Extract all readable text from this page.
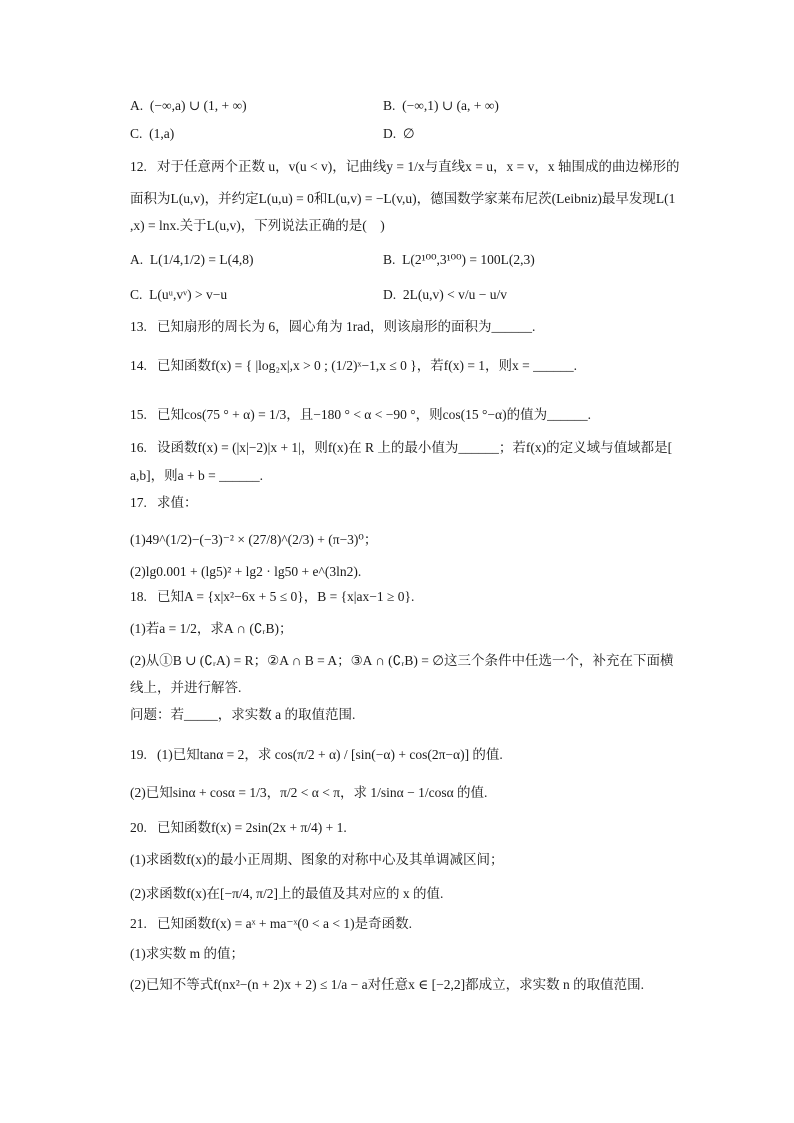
A.  (−∞,a) ∪ (1, + ∞)	B.  (−∞,1) ∪ (a, + ∞)
C.  (1,a)	D.  ∅
12.   对于任意两个正数 u，v(u < v)，记曲线y = 1/x与直线x = u，x = v，x 轴围成的曲边梯形的
面积为L(u,v)，并约定L(u,u) = 0和L(u,v) = −L(v,u)，德国数学家莱布尼茨(Leibniz)最早发现L(1
,x) = lnx.关于L(u,v)，下列说法正确的是(    )
A.  L(1/4,1/2) = L(4,8)	B.  L(2¹⁰⁰,3¹⁰⁰) = 100L(2,3)
C.  L(uᵘ,vᵛ) > v−u	D.  2L(u,v) < v/u − u/v
13.   已知扇形的周长为 6，圆心角为 1rad，则该扇形的面积为______.
14.   已知函数f(x) = { |log₂x|,x > 0 ; (1/2)ˣ−1,x ≤ 0 }，若f(x) = 1，则x = ______.
15.   已知cos(75 ° + α) = 1/3，且−180 ° < α < −90 °，则cos(15 °−α)的值为______.
16.   设函数f(x) = (|x|−2)|x + 1|，则f(x)在 R 上的最小值为______；若f(x)的定义域与值域都是[
a,b]，则a + b = ______.
17.   求值：
(1)49^(1/2)−(−3)⁻² × (27/8)^(2/3) + (π−3)⁰；
(2)lg0.001 + (lg5)² + lg2 · lg50 + e^(3ln2).
18.   已知A = {x|x²−6x + 5 ≤ 0}，B = {x|ax−1 ≥ 0}.
(1)若a = 1/2，求A ∩ (∁ᵣB)；
(2)从①B ∪ (∁ᵣA) = R；②A ∩ B = A；③A ∩ (∁ᵣB) = ∅这三个条件中任选一个，补充在下面横
线上，并进行解答.
问题：若_____，求实数 a 的取值范围.
19.   (1)已知tanα = 2，求 cos(π/2 + α) / [sin(−α) + cos(2π−α)] 的值.
(2)已知sinα + cosα = 1/3，π/2 < α < π，求 1/sinα − 1/cosα 的值.
20.   已知函数f(x) = 2sin(2x + π/4) + 1.
(1)求函数f(x)的最小正周期、图象的对称中心及其单调减区间；
(2)求函数f(x)在[−π/4, π/2]上的最值及其对应的 x 的值.
21.   已知函数f(x) = aˣ + ma⁻ˣ(0 < a < 1)是奇函数.
(1)求实数 m 的值；
(2)已知不等式f(nx²−(n + 2)x + 2) ≤ 1/a − a对任意x ∈ [−2,2]都成立，求实数 n 的取值范围.
